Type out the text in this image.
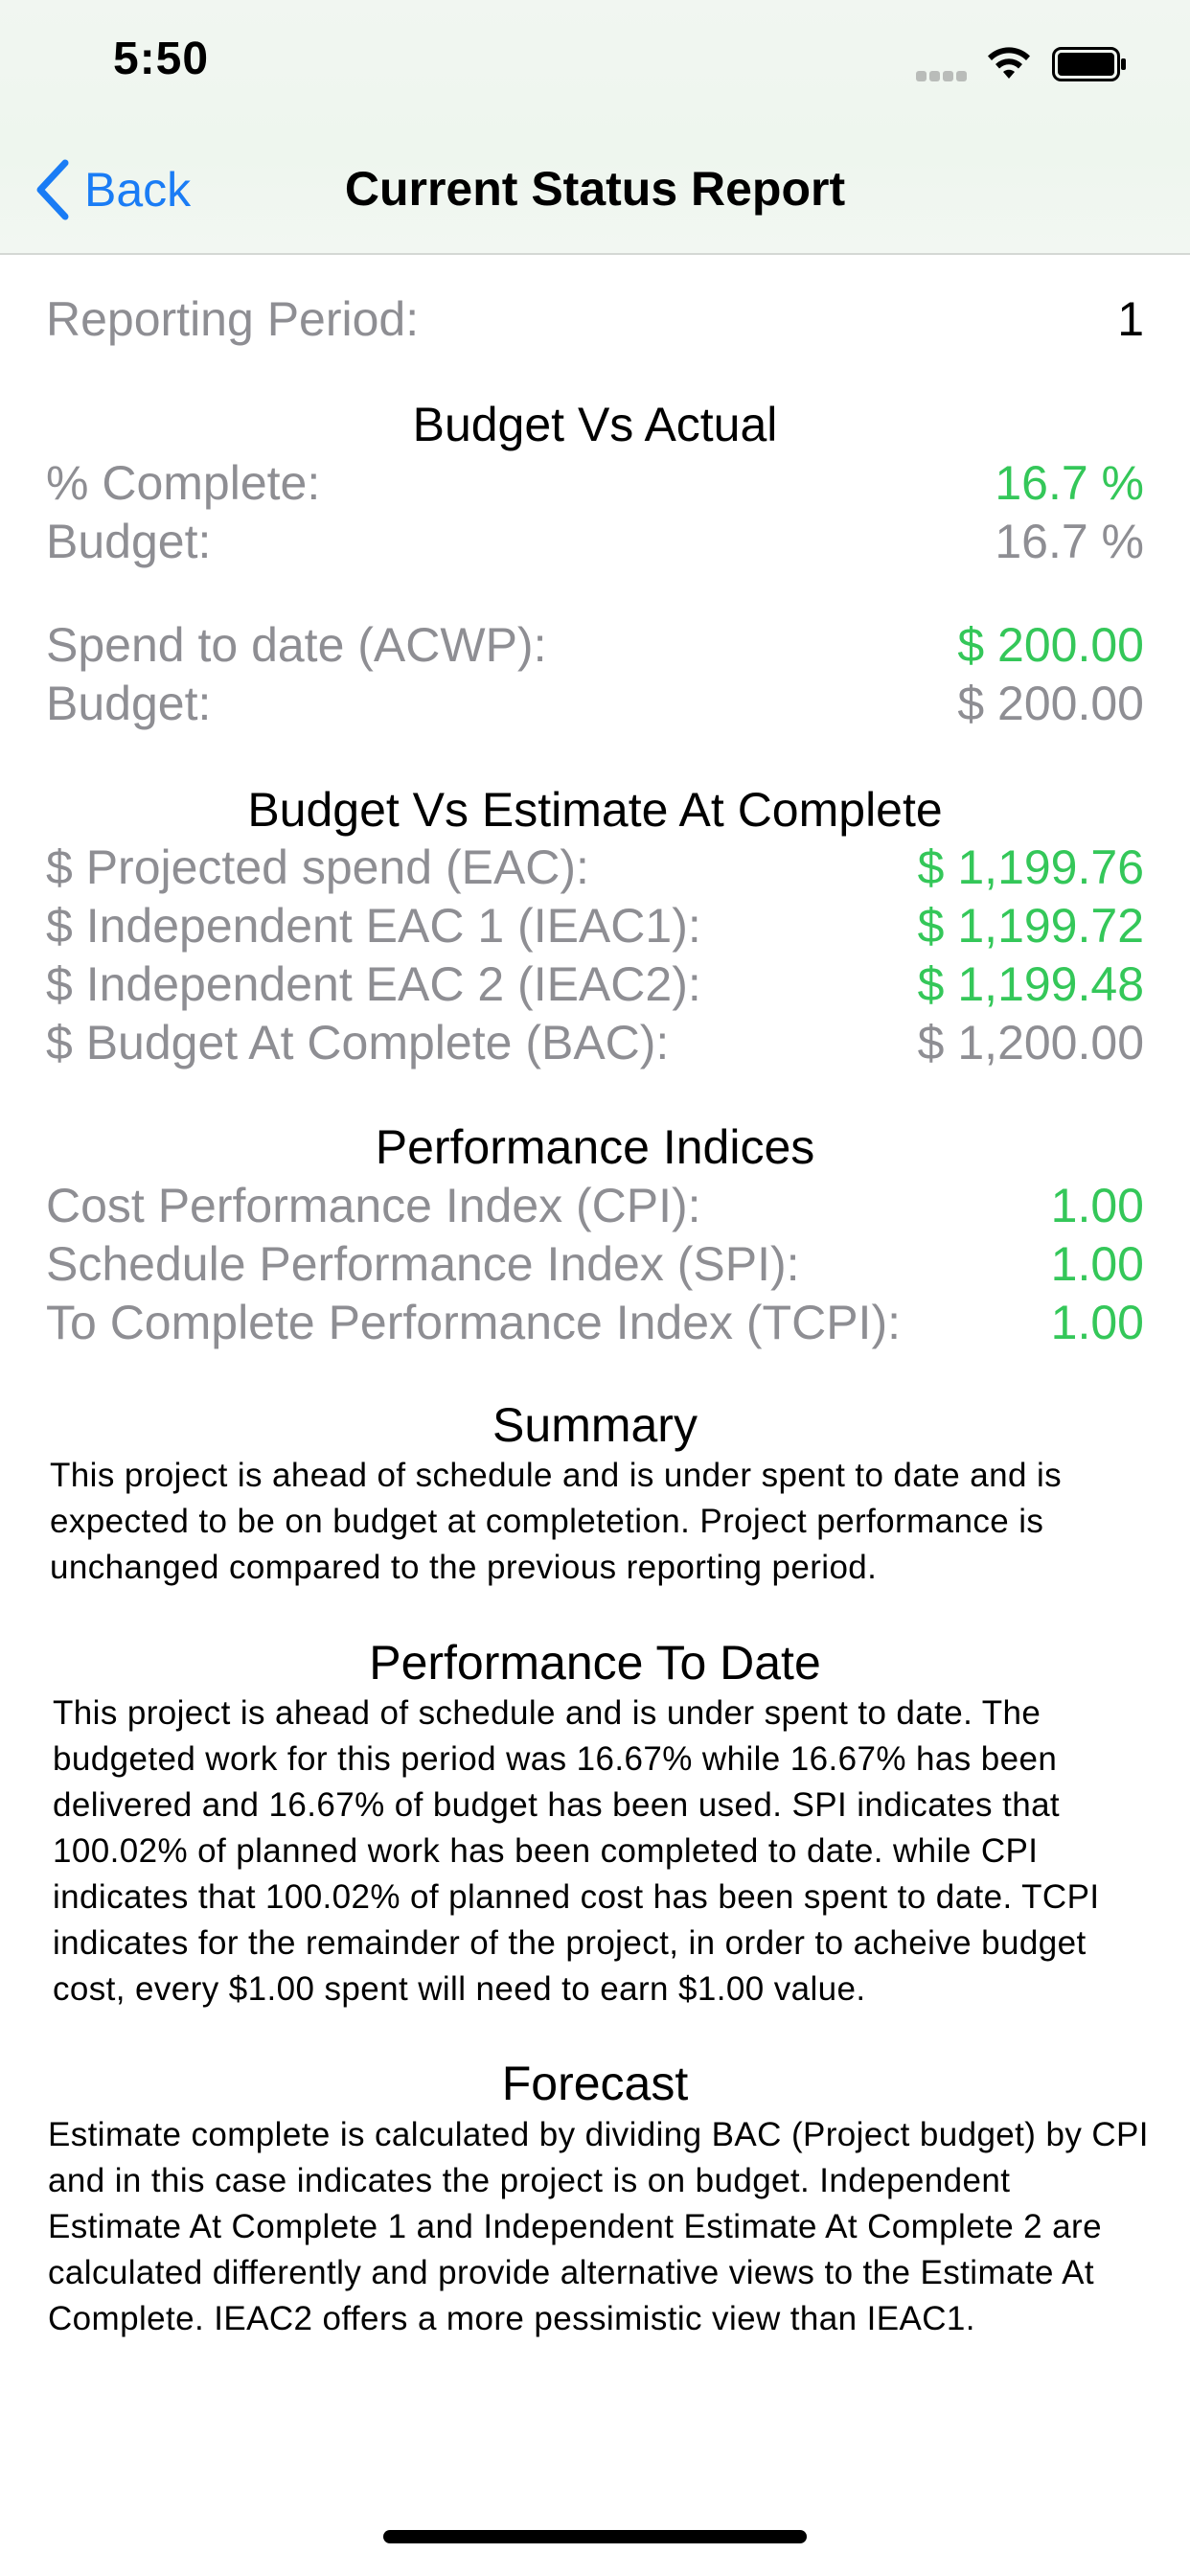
5:50
Back	Current Status Report
Reporting Period:	1
Budget Vs Actual
% Complete:	16.7 %
Budget:	16.7 %
Spend to date (ACWP):	$ 200.00
Budget:	$ 200.00
Budget Vs Estimate At Complete
$ Projected spend (EAC):	$ 1,199.76
$ Independent EAC 1 (IEAC1):	$ 1,199.72
$ Independent EAC 2 (IEAC2):	$ 1,199.48
$ Budget At Complete (BAC):	$ 1,200.00
Performance Indices
Cost Performance Index (CPI):	1.00
Schedule Performance Index (SPI):	1.00
To Complete Performance Index (TCPI):	1.00
Summary
This project is ahead of schedule and is under spent to date and is expected to be on budget at completetion. Project performance is unchanged compared to the previous reporting period.
Performance To Date
This project is ahead of schedule and is under spent to date. The budgeted work for this period was 16.67% while 16.67% has been delivered and 16.67% of budget has been used. SPI indicates that 100.02% of planned work has been completed to date. while CPI indicates that 100.02% of planned cost has been spent to date. TCPI indicates for the remainder of the project, in order to acheive budget cost, every $1.00 spent will need to earn $1.00 value.
Forecast
Estimate complete is calculated by dividing BAC (Project budget) by CPI and in this case indicates the project is on budget. Independent Estimate At Complete 1 and Independent Estimate At Complete 2 are calculated differently and provide alternative views to the Estimate At Complete. IEAC2 offers a more pessimistic view than IEAC1.
